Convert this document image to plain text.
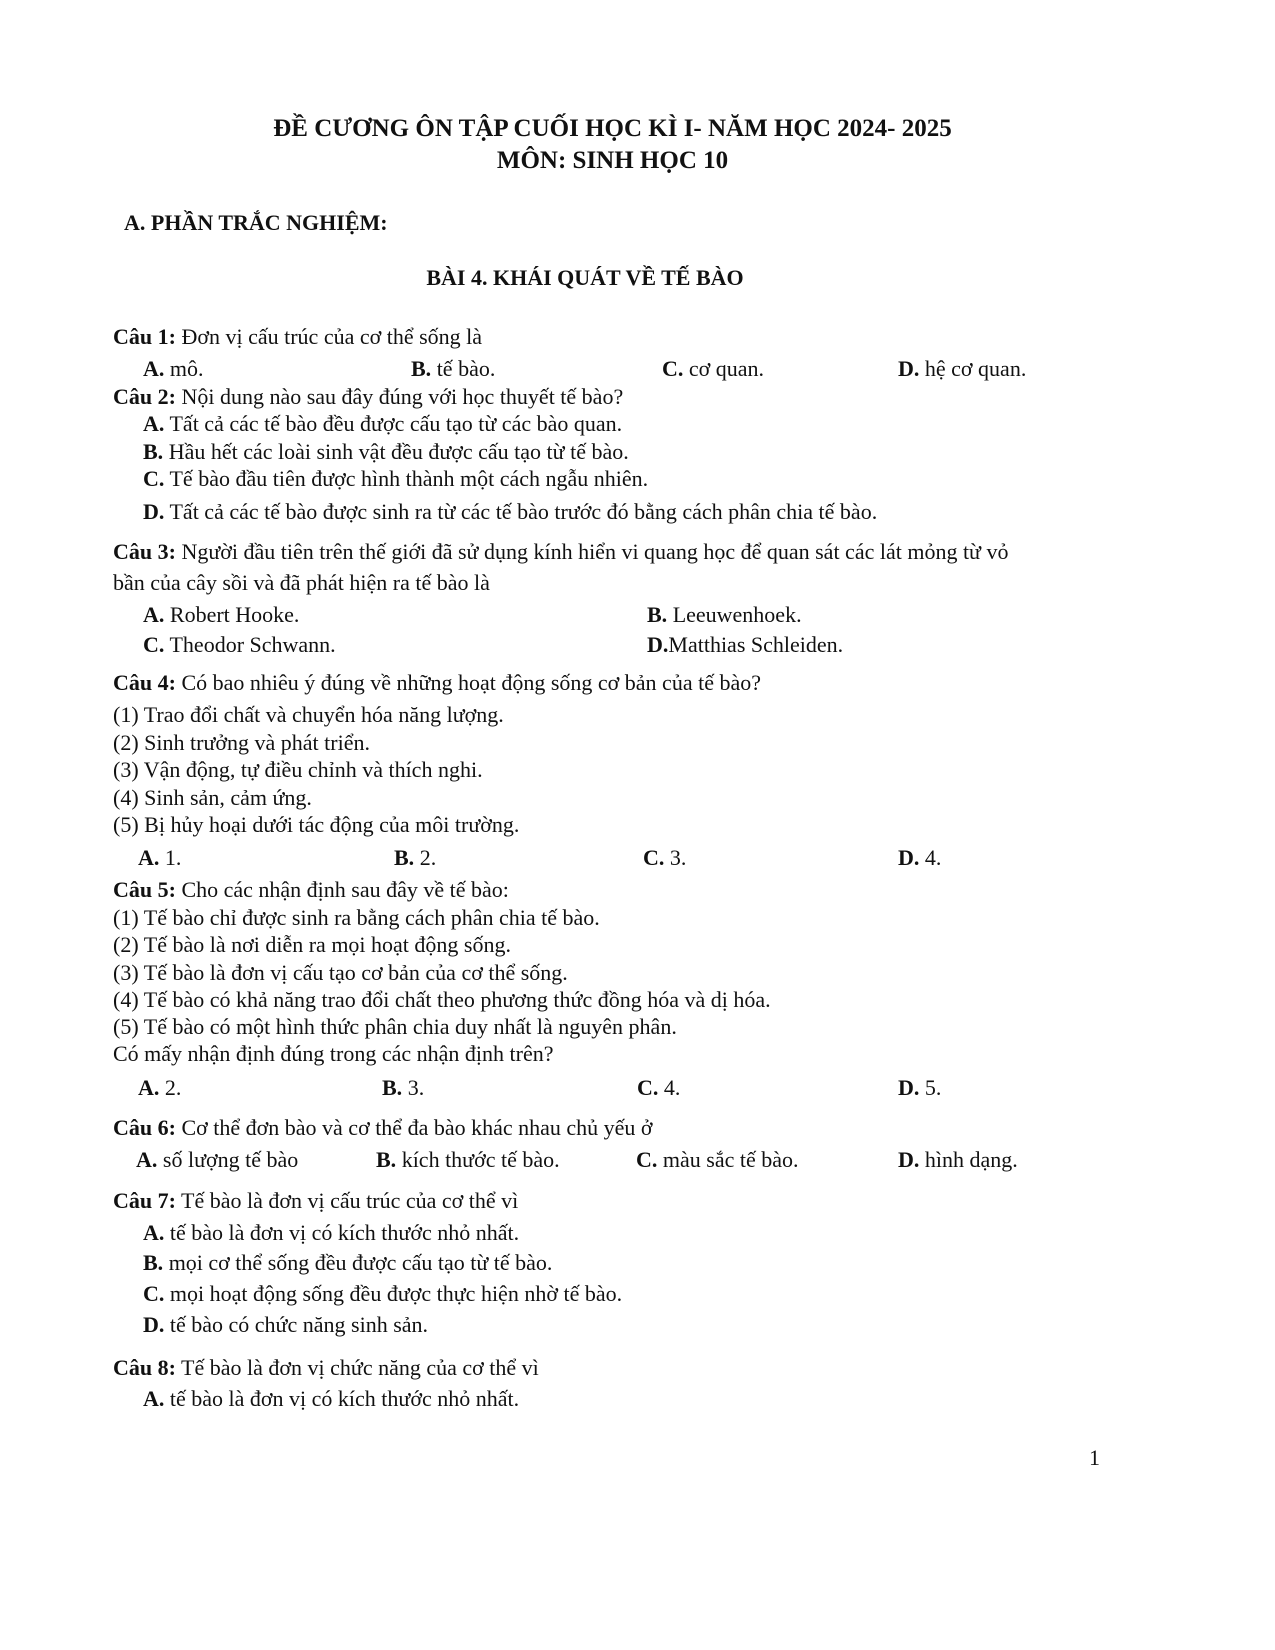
ĐỀ CƯƠNG ÔN TẬP CUỐI HỌC KÌ I- NĂM HỌC 2024- 2025
MÔN: SINH HỌC 10
A. PHẦN TRẮC NGHIỆM:
BÀI 4. KHÁI QUÁT VỀ TẾ BÀO
Câu 1: Đơn vị cấu trúc của cơ thể sống là
A. mô.	B. tế bào.	C. cơ quan.	D. hệ cơ quan.
Câu 2: Nội dung nào sau đây đúng với học thuyết tế bào?
A. Tất cả các tế bào đều được cấu tạo từ các bào quan.
B. Hầu hết các loài sinh vật đều được cấu tạo từ tế bào.
C. Tế bào đầu tiên được hình thành một cách ngẫu nhiên.
D. Tất cả các tế bào được sinh ra từ các tế bào trước đó bằng cách phân chia tế bào.
Câu 3: Người đầu tiên trên thế giới đã sử dụng kính hiển vi quang học để quan sát các lát mỏng từ vỏ
bần của cây sồi và đã phát hiện ra tế bào là
A. Robert Hooke.	B. Leeuwenhoek.
C. Theodor Schwann.	D.Matthias Schleiden.
Câu 4: Có bao nhiêu ý đúng về những hoạt động sống cơ bản của tế bào?
(1) Trao đổi chất và chuyển hóa năng lượng.
(2) Sinh trưởng và phát triển.
(3) Vận động, tự điều chỉnh và thích nghi.
(4) Sinh sản, cảm ứng.
(5) Bị hủy hoại dưới tác động của môi trường.
A. 1.	B. 2.	C. 3.	D. 4.
Câu 5: Cho các nhận định sau đây về tế bào:
(1) Tế bào chỉ được sinh ra bằng cách phân chia tế bào.
(2) Tế bào là nơi diễn ra mọi hoạt động sống.
(3) Tế bào là đơn vị cấu tạo cơ bản của cơ thể sống.
(4) Tế bào có khả năng trao đổi chất theo phương thức đồng hóa và dị hóa.
(5) Tế bào có một hình thức phân chia duy nhất là nguyên phân.
Có mấy nhận định đúng trong các nhận định trên?
A. 2.	B. 3.	C. 4.	D. 5.
Câu 6: Cơ thể đơn bào và cơ thể đa bào khác nhau chủ yếu ở
A. số lượng tế bào	B. kích thước tế bào.	C. màu sắc tế bào.	D. hình dạng.
Câu 7: Tế bào là đơn vị cấu trúc của cơ thể vì
A. tế bào là đơn vị có kích thước nhỏ nhất.
B. mọi cơ thể sống đều được cấu tạo từ tế bào.
C. mọi hoạt động sống đều được thực hiện nhờ tế bào.
D. tế bào có chức năng sinh sản.
Câu 8: Tế bào là đơn vị chức năng của cơ thể vì
A. tế bào là đơn vị có kích thước nhỏ nhất.
1
